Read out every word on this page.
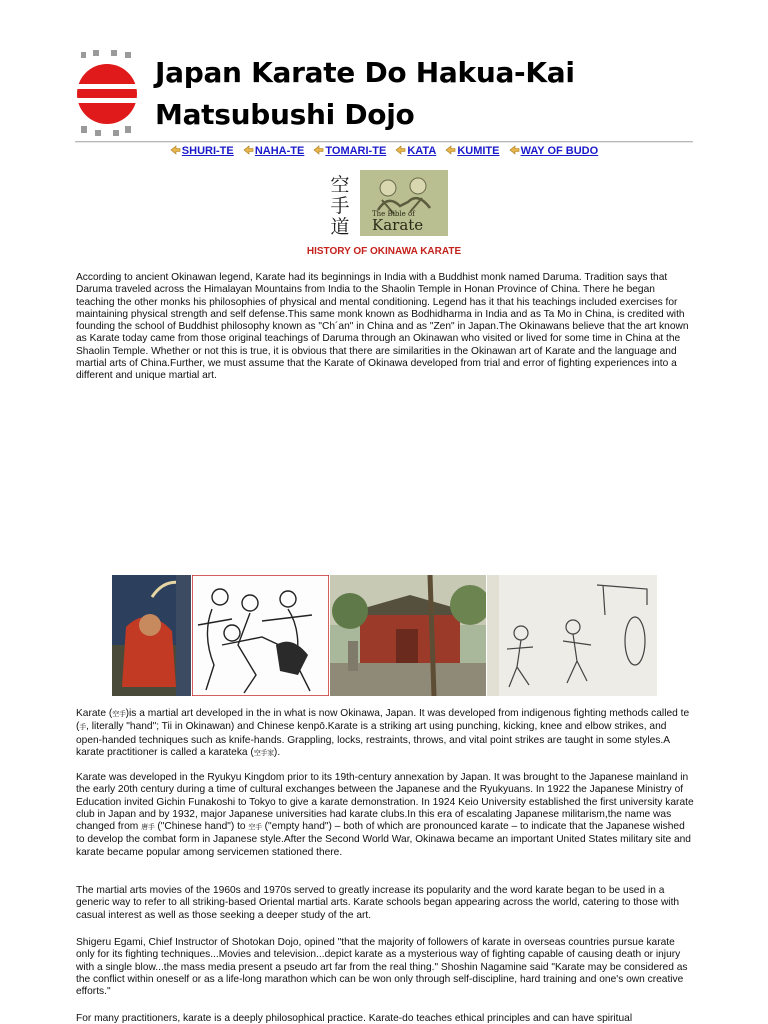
Japan Karate Do Hakua-Kai
Matsubushi Dojo
SHURI-TE NAHA-TE TOMARI-TE KATA KUMITE WAY OF BUDO
空手道
The Bible of
Karate
HISTORY OF OKINAWA KARATE
According to ancient Okinawan legend, Karate had its beginnings in India with a Buddhist monk named Daruma. Tradition says that Daruma traveled across the Himalayan Mountains from India to the Shaolin Temple in Honan Province of China. There he began teaching the other monks his philosophies of physical and mental conditioning. Legend has it that his teachings included exercises for maintaining physical strength and self defense.This same monk known as Bodhidharma in India and as Ta Mo in China, is credited with founding the school of Buddhist philosophy known as "Ch´an" in China and as "Zen" in Japan.The Okinawans believe that the art known as Karate today came from those original teachings of Daruma through an Okinawan who visited or lived for some time in China at the Shaolin Temple. Whether or not this is true, it is obvious that there are similarities in the Okinawan art of Karate and the language and martial arts of China.Further, we must assume that the Karate of Okinawa developed from trial and error of fighting experiences into a different and unique martial art.
Karate (空手)is a martial art developed in the in what is now Okinawa, Japan. It was developed from indigenous fighting methods called te (手, literally "hand"; Tii in Okinawan) and Chinese kenpō.Karate is a striking art using punching, kicking, knee and elbow strikes, and open-handed techniques such as knife-hands. Grappling, locks, restraints, throws, and vital point strikes are taught in some styles.A karate practitioner is called a karateka (空手家).
Karate was developed in the Ryukyu Kingdom prior to its 19th-century annexation by Japan. It was brought to the Japanese mainland in the early 20th century during a time of cultural exchanges between the Japanese and the Ryukyuans. In 1922 the Japanese Ministry of Education invited Gichin Funakoshi to Tokyo to give a karate demonstration. In 1924 Keio University established the first university karate club in Japan and by 1932, major Japanese universities had karate clubs.In this era of escalating Japanese militarism,the name was changed from 唐手 ("Chinese hand") to 空手 ("empty hand") – both of which are pronounced karate – to indicate that the Japanese wished to develop the combat form in Japanese style.After the Second World War, Okinawa became an important United States military site and karate became popular among servicemen stationed there.
The martial arts movies of the 1960s and 1970s served to greatly increase its popularity and the word karate began to be used in a generic way to refer to all striking-based Oriental martial arts. Karate schools began appearing across the world, catering to those with casual interest as well as those seeking a deeper study of the art.
Shigeru Egami, Chief Instructor of Shotokan Dojo, opined "that the majority of followers of karate in overseas countries pursue karate only for its fighting techniques...Movies and television...depict karate as a mysterious way of fighting capable of causing death or injury with a single blow...the mass media present a pseudo art far from the real thing." Shoshin Nagamine said "Karate may be considered as the conflict within oneself or as a life-long marathon which can be won only through self-discipline, hard training and one's own creative efforts."
For many practitioners, karate is a deeply philosophical practice. Karate-do teaches ethical principles and can have spiritual
